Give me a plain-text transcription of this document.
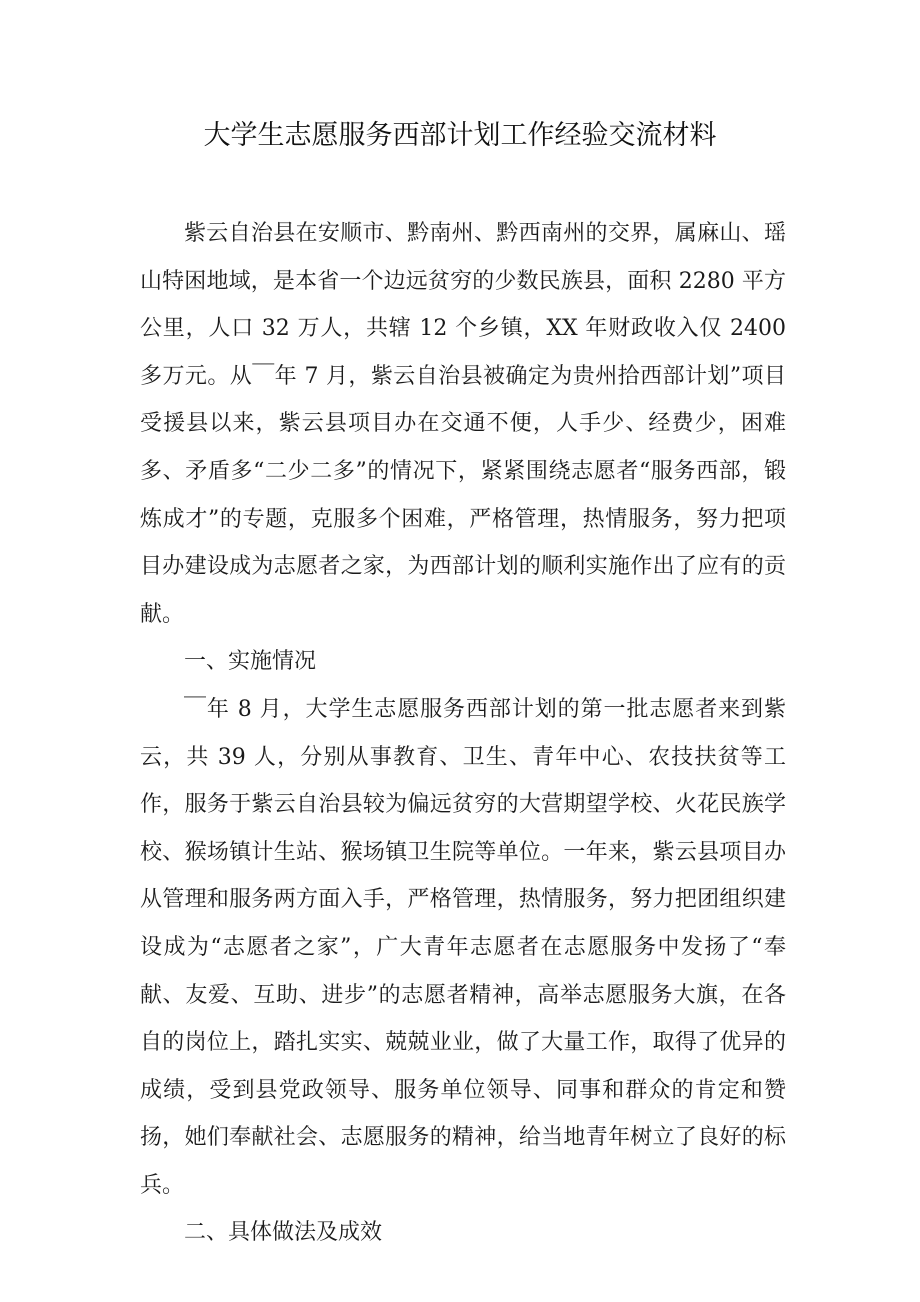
大学生志愿服务西部计划工作经验交流材料

紫云自治县在安顺市、黔南州、黔西南州的交界，属麻山、瑶山特困地域，是本省一个边远贫穷的少数民族县，面积 2280 平方公里，人口 32 万人，共辖 12 个乡镇，XX 年财政收入仅 2400 多万元。从￣年 7 月，紫云自治县被确定为贵州拾西部计划”项目受援县以来，紫云县项目办在交通不便，人手少、经费少，困难多、矛盾多“二少二多”的情况下，紧紧围绕志愿者“服务西部，锻炼成才”的专题，克服多个困难，严格管理，热情服务，努力把项目办建设成为志愿者之家，为西部计划的顺利实施作出了应有的贡献。

一、实施情况

￣年 8 月，大学生志愿服务西部计划的第一批志愿者来到紫云，共 39 人，分别从事教育、卫生、青年中心、农技扶贫等工作，服务于紫云自治县较为偏远贫穷的大营期望学校、火花民族学校、猴场镇计生站、猴场镇卫生院等单位。一年来，紫云县项目办从管理和服务两方面入手，严格管理，热情服务，努力把团组织建设成为“志愿者之家”，广大青年志愿者在志愿服务中发扬了“奉献、友爱、互助、进步”的志愿者精神，高举志愿服务大旗，在各自的岗位上，踏扎实实、兢兢业业，做了大量工作，取得了优异的成绩，受到县党政领导、服务单位领导、同事和群众的肯定和赞扬，她们奉献社会、志愿服务的精神，给当地青年树立了良好的标兵。

二、具体做法及成效
